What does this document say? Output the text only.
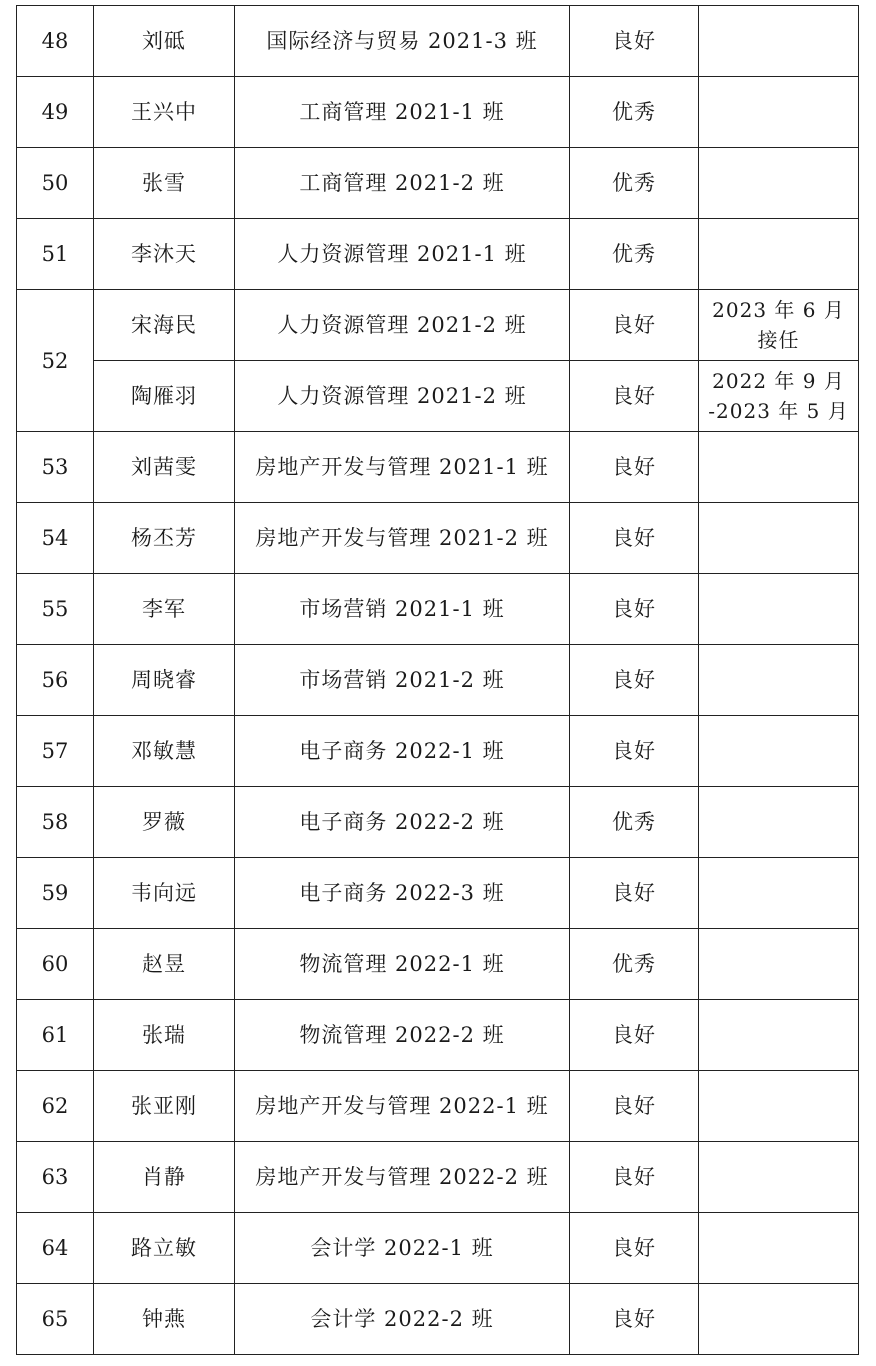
48	刘砥	国际经济与贸易 2021-3 班	良好	
49	王兴中	工商管理 2021-1 班	优秀	
50	张雪	工商管理 2021-2 班	优秀	
51	李沐天	人力资源管理 2021-1 班	优秀	
52	宋海民	人力资源管理 2021-2 班	良好	2023 年 6 月
接任

	陶雁羽	人力资源管理 2021-2 班	良好	2022 年 9 月
-2023 年 5 月

53	刘茜雯	房地产开发与管理 2021-1 班	良好	
54	杨丕芳	房地产开发与管理 2021-2 班	良好	
55	李军	市场营销 2021-1 班	良好	
56	周晓睿	市场营销 2021-2 班	良好	
57	邓敏慧	电子商务 2022-1 班	良好	
58	罗薇	电子商务 2022-2 班	优秀	
59	韦向远	电子商务 2022-3 班	良好	
60	赵昱	物流管理 2022-1 班	优秀	
61	张瑞	物流管理 2022-2 班	良好	
62	张亚刚	房地产开发与管理 2022-1 班	良好	
63	肖静	房地产开发与管理 2022-2 班	良好	
64	路立敏	会计学 2022-1 班	良好	
65	钟燕	会计学 2022-2 班	良好	
